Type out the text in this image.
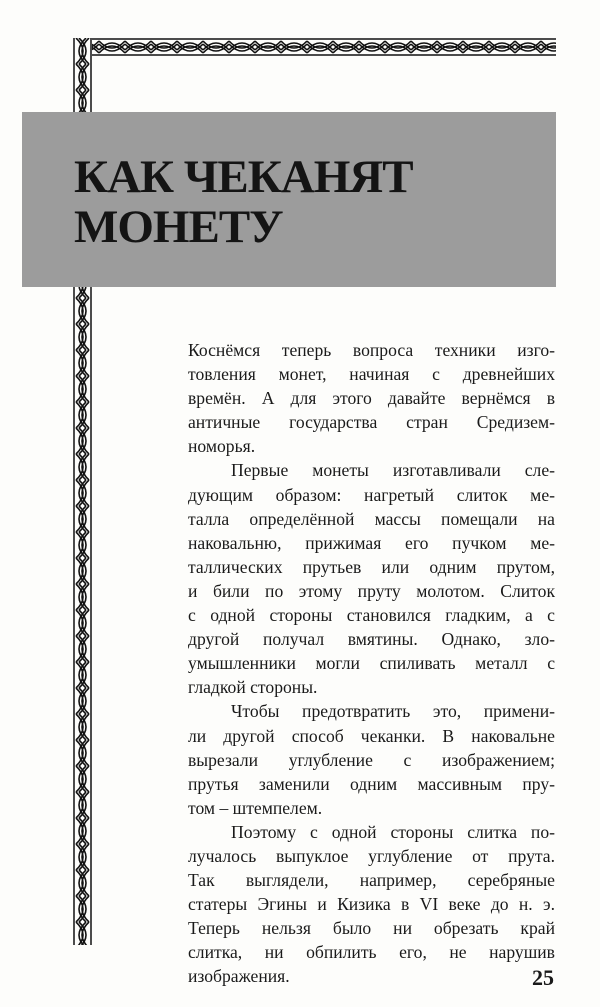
КАК ЧЕКАНЯТ
МОНЕТУ
Коснёмся теперь вопроса техники изго-
товления монет, начиная с древнейших
времён. А для этого давайте вернёмся в
античные государства стран Средизем-
номорья.
Первые монеты изготавливали сле-
дующим образом: нагретый слиток ме-
талла определённой массы помещали на
наковальню, прижимая его пучком ме-
таллических прутьев или одним прутом,
и били по этому пруту молотом. Слиток
с одной стороны становился гладким, а с
другой получал вмятины. Однако, зло-
умышленники могли спиливать металл с
гладкой стороны.
Чтобы предотвратить это, примени-
ли другой способ чеканки. В наковальне
вырезали углубление с изображением;
прутья заменили одним массивным пру-
том – штемпелем.
Поэтому с одной стороны слитка по-
лучалось выпуклое углубление от прута.
Так выглядели, например, серебряные
статеры Эгины и Кизика в VI веке до н. э.
Теперь нельзя было ни обрезать край
слитка, ни обпилить его, не нарушив
изображения.	25
